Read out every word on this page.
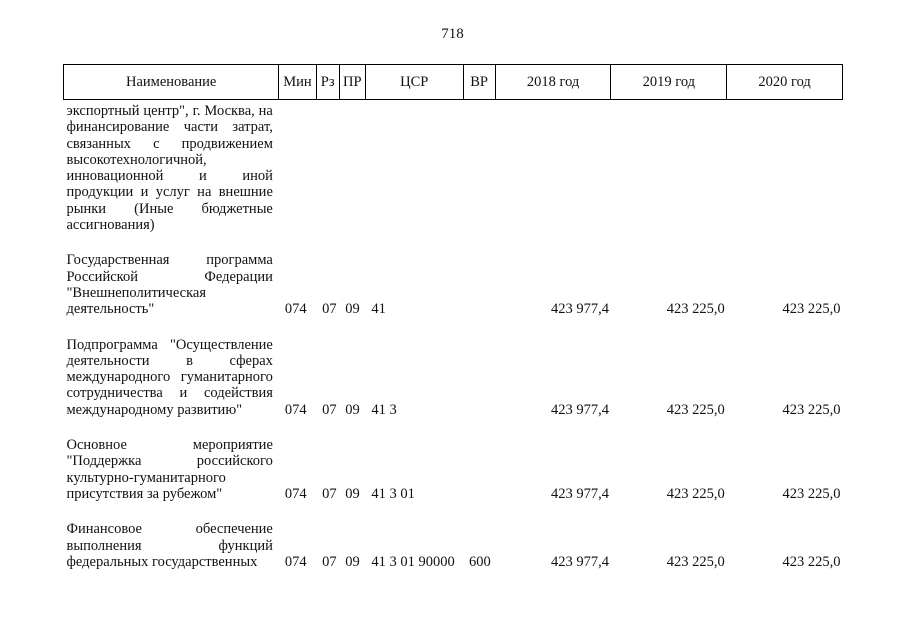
718
Наименование	Мин	Рз	ПР	ЦСР	ВР	2018 год	2019 год	2020 год
экспортный центр", г. Москва, на финансирование части затрат, связанных с продвижением высокотехнологичной, инновационной и иной продукции и услуг на внешние рынки (Иные бюджетные ассигнования)								

Государственная программа Российской Федерации "Внешнеполитическая деятельность"	074	07	09	41		423 977,4	423 225,0	423 225,0

Подпрограмма "Осуществление деятельности в сферах международного гуманитарного сотрудничества и содействия международному развитию"	074	07	09	41 3		423 977,4	423 225,0	423 225,0

Основное мероприятие "Поддержка российского культурно-гуманитарного присутствия за рубежом"	074	07	09	41 3 01		423 977,4	423 225,0	423 225,0

Финансовое обеспечение выполнения функций федеральных государственных	074	07	09	41 3 01 90000	600	423 977,4	423 225,0	423 225,0
